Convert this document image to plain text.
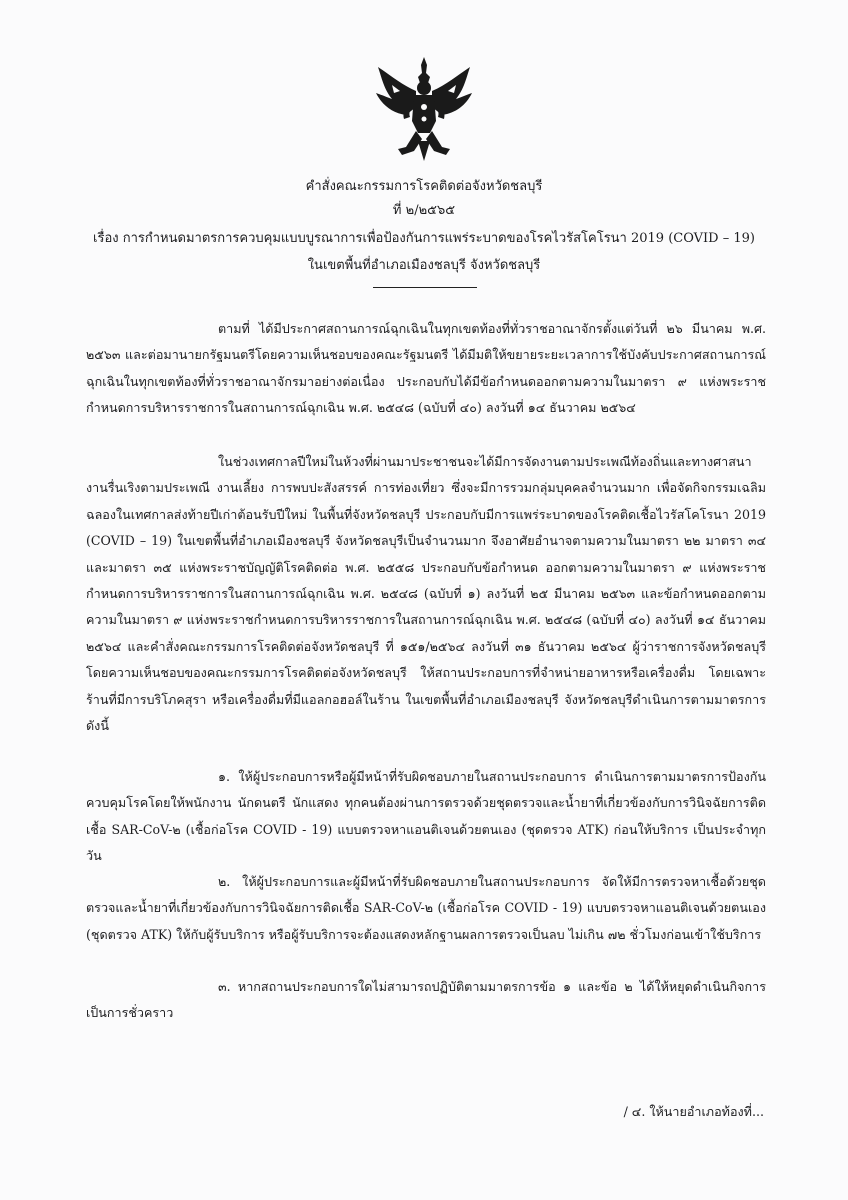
คำสั่งคณะกรรมการโรคติดต่อจังหวัดชลบุรี
ที่ ๒/๒๕๖๕
เรื่อง การกำหนดมาตรการควบคุมแบบบูรณาการเพื่อป้องกันการแพร่ระบาดของโรคไวรัสโคโรนา 2019 (COVID – 19)
ในเขตพื้นที่อำเภอเมืองชลบุรี จังหวัดชลบุรี
ตามที่ ได้มีประกาศสถานการณ์ฉุกเฉินในทุกเขตท้องที่ทั่วราชอาณาจักรตั้งแต่วันที่ ๒๖ มีนาคม พ.ศ. ๒๕๖๓ และต่อมานายกรัฐมนตรีโดยความเห็นชอบของคณะรัฐมนตรี ได้มีมติให้ขยายระยะเวลาการใช้บังคับประกาศสถานการณ์ฉุกเฉินในทุกเขตท้องที่ทั่วราชอาณาจักรมาอย่างต่อเนื่อง ประกอบกับได้มีข้อกำหนดออกตามความในมาตรา ๙ แห่งพระราชกำหนดการบริหารราชการในสถานการณ์ฉุกเฉิน พ.ศ. ๒๕๔๘ (ฉบับที่ ๔๐) ลงวันที่ ๑๔ ธันวาคม ๒๕๖๔
ในช่วงเทศกาลปีใหม่ในห้วงที่ผ่านมาประชาชนจะได้มีการจัดงานตามประเพณีท้องถิ่นและทางศาสนา งานรื่นเริงตามประเพณี งานเลี้ยง การพบปะสังสรรค์ การท่องเที่ยว ซึ่งจะมีการรวมกลุ่มบุคคลจำนวนมาก เพื่อจัดกิจกรรมเฉลิมฉลองในเทศกาลส่งท้ายปีเก่าต้อนรับปีใหม่ ในพื้นที่จังหวัดชลบุรี ประกอบกับมีการแพร่ระบาดของโรคติดเชื้อไวรัสโคโรนา 2019 (COVID – 19) ในเขตพื้นที่อำเภอเมืองชลบุรี จังหวัดชลบุรีเป็นจำนวนมาก จึงอาศัยอำนาจตามความในมาตรา ๒๒ มาตรา ๓๔ และมาตรา ๓๕ แห่งพระราชบัญญัติโรคติดต่อ พ.ศ. ๒๕๕๘ ประกอบกับข้อกำหนด ออกตามความในมาตรา ๙ แห่งพระราชกำหนดการบริหารราชการในสถานการณ์ฉุกเฉิน พ.ศ. ๒๕๔๘ (ฉบับที่ ๑) ลงวันที่ ๒๕ มีนาคม ๒๕๖๓ และข้อกำหนดออกตามความในมาตรา ๙ แห่งพระราชกำหนดการบริหารราชการในสถานการณ์ฉุกเฉิน พ.ศ. ๒๕๔๘ (ฉบับที่ ๔๐) ลงวันที่ ๑๔ ธันวาคม ๒๕๖๔ และคำสั่งคณะกรรมการโรคติดต่อจังหวัดชลบุรี ที่ ๑๕๑/๒๕๖๔ ลงวันที่ ๓๑ ธันวาคม ๒๕๖๔ ผู้ว่าราชการจังหวัดชลบุรี โดยความเห็นชอบของคณะกรรมการโรคติดต่อจังหวัดชลบุรี ให้สถานประกอบการที่จำหน่ายอาหารหรือเครื่องดื่ม โดยเฉพาะร้านที่มีการบริโภคสุรา หรือเครื่องดื่มที่มีแอลกอฮอล์ในร้าน ในเขตพื้นที่อำเภอเมืองชลบุรี จังหวัดชลบุรีดำเนินการตามมาตรการ ดังนี้
๑. ให้ผู้ประกอบการหรือผู้มีหน้าที่รับผิดชอบภายในสถานประกอบการ ดำเนินการตามมาตรการป้องกันควบคุมโรคโดยให้พนักงาน นักดนตรี นักแสดง ทุกคนต้องผ่านการตรวจด้วยชุดตรวจและน้ำยาที่เกี่ยวข้องกับการวินิจฉัยการติดเชื้อ SAR-CoV-๒ (เชื้อก่อโรค COVID - 19) แบบตรวจหาแอนติเจนด้วยตนเอง (ชุดตรวจ ATK) ก่อนให้บริการ เป็นประจำทุกวัน
๒. ให้ผู้ประกอบการและผู้มีหน้าที่รับผิดชอบภายในสถานประกอบการ จัดให้มีการตรวจหาเชื้อด้วยชุดตรวจและน้ำยาที่เกี่ยวข้องกับการวินิจฉัยการติดเชื้อ SAR-CoV-๒ (เชื้อก่อโรค COVID - 19) แบบตรวจหาแอนติเจนด้วยตนเอง (ชุดตรวจ ATK) ให้กับผู้รับบริการ หรือผู้รับบริการจะต้องแสดงหลักฐานผลการตรวจเป็นลบ ไม่เกิน ๗๒ ชั่วโมงก่อนเข้าใช้บริการ
๓. หากสถานประกอบการใดไม่สามารถปฏิบัติตามมาตรการข้อ ๑ และข้อ ๒ ได้ให้หยุดดำเนินกิจการเป็นการชั่วคราว
/ ๔. ให้นายอำเภอท้องที่...
